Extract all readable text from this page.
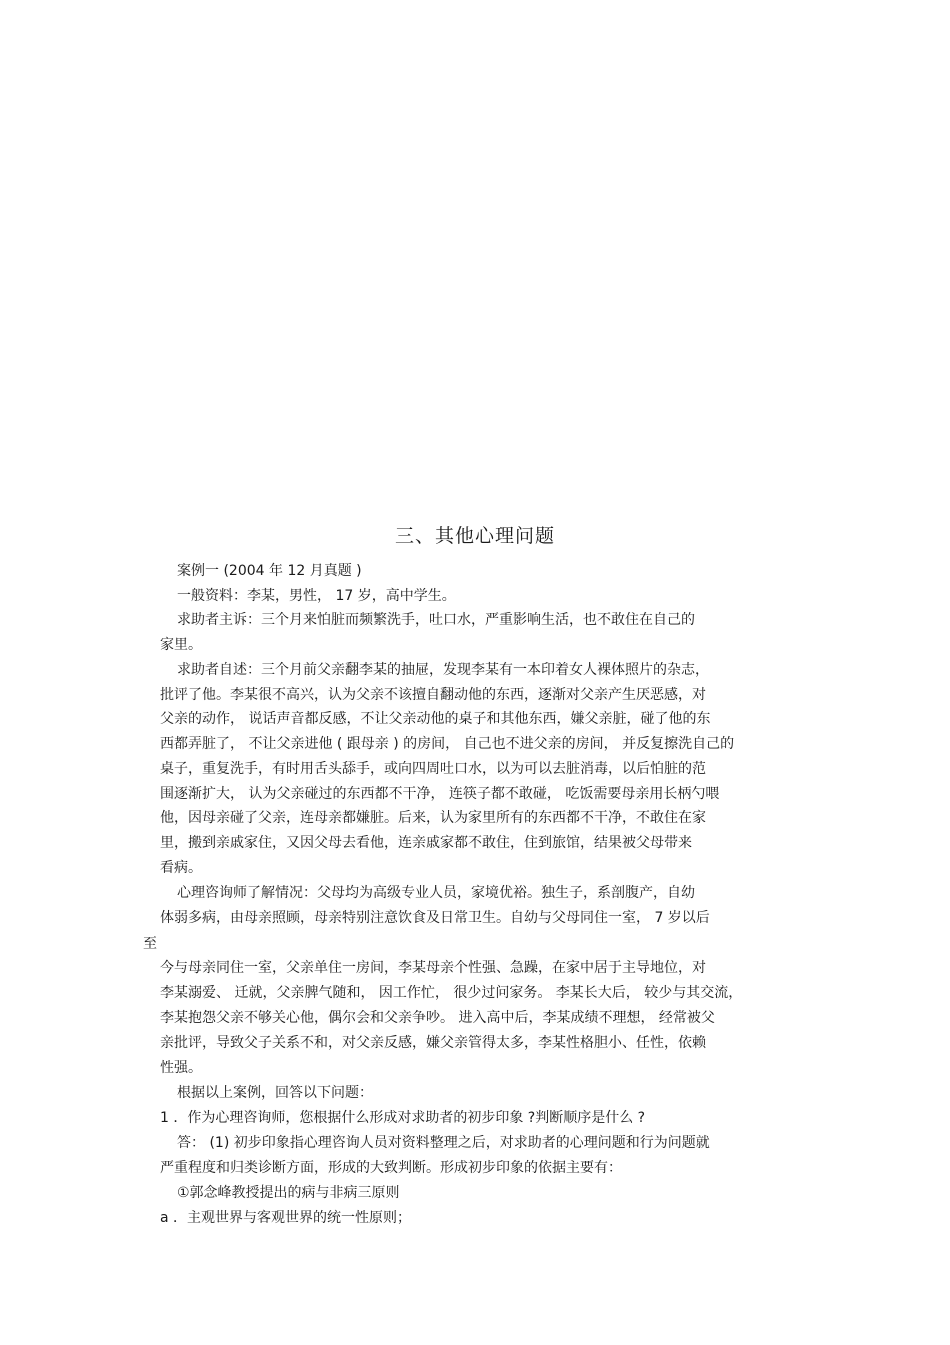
三、其他心理问题
案例一 (2004 年 12 月真题 )
一般资料：李某，男性， 17 岁，高中学生。
求助者主诉：三个月来怕脏而频繁洗手，吐口水，严重影响生活，也不敢住在自己的
家里。
求助者自述：三个月前父亲翻李某的抽屉，发现李某有一本印着女人裸体照片的杂志，
批评了他。李某很不高兴，认为父亲不该擅自翻动他的东西，逐渐对父亲产生厌恶感，对
父亲的动作， 说话声音都反感，不让父亲动他的桌子和其他东西，嫌父亲脏，碰了他的东
西都弄脏了， 不让父亲进他 ( 跟母亲 ) 的房间， 自己也不进父亲的房间， 并反复擦洗自己的
桌子，重复洗手，有时用舌头舔手，或向四周吐口水，以为可以去脏消毒，以后怕脏的范
围逐渐扩大， 认为父亲碰过的东西都不干净， 连筷子都不敢碰， 吃饭需要母亲用长柄勺喂
他，因母亲碰了父亲，连母亲都嫌脏。后来，认为家里所有的东西都不干净，不敢住在家
里，搬到亲戚家住，又因父母去看他，连亲戚家都不敢住，住到旅馆，结果被父母带来
看病。
心理咨询师了解情况：父母均为高级专业人员，家境优裕。独生子，系剖腹产，自幼
体弱多病，由母亲照顾，母亲特别注意饮食及日常卫生。自幼与父母同住一室， 7 岁以后
至
今与母亲同住一室，父亲单住一房间，李某母亲个性强、急躁，在家中居于主导地位，对
李某溺爱、 迁就，父亲脾气随和， 因工作忙， 很少过问家务。 李某长大后， 较少与其交流，
李某抱怨父亲不够关心他，偶尔会和父亲争吵。 进入高中后，李某成绩不理想， 经常被父
亲批评，导致父子关系不和，对父亲反感，嫌父亲管得太多，李某性格胆小、任性，依赖
性强。
根据以上案例，回答以下问题：
1 ．作为心理咨询师，您根据什么形成对求助者的初步印象 ?判断顺序是什么 ?
答： (1) 初步印象指心理咨询人员对资料整理之后，对求助者的心理问题和行为问题就
严重程度和归类诊断方面，形成的大致判断。形成初步印象的依据主要有：
①郭念峰教授提出的病与非病三原则
a ．主观世界与客观世界的统一性原则；
